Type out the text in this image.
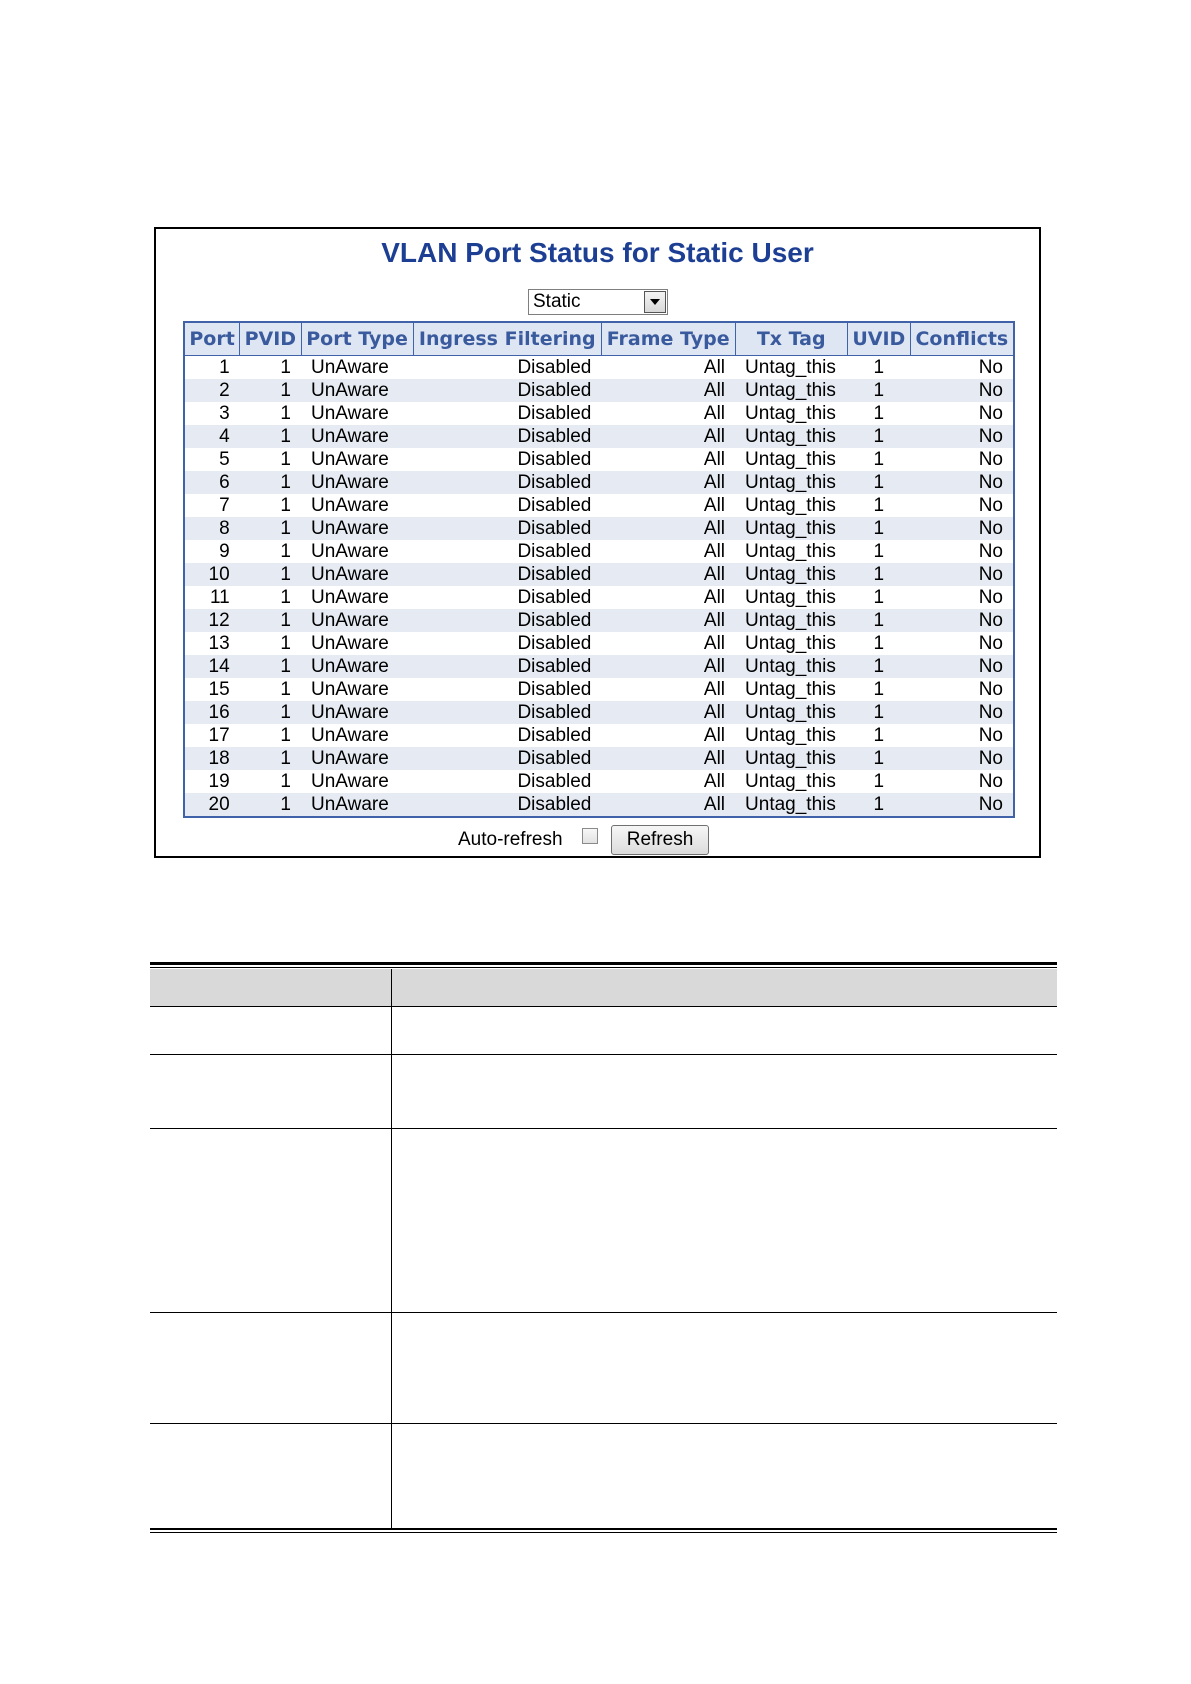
VLAN Port Status for Static User
Static
Port	PVID	Port Type	Ingress Filtering	Frame Type	Tx Tag	UVID	Conflicts
1	1	UnAware	Disabled	All	Untag_this	1	No
2	1	UnAware	Disabled	All	Untag_this	1	No
3	1	UnAware	Disabled	All	Untag_this	1	No
4	1	UnAware	Disabled	All	Untag_this	1	No
5	1	UnAware	Disabled	All	Untag_this	1	No
6	1	UnAware	Disabled	All	Untag_this	1	No
7	1	UnAware	Disabled	All	Untag_this	1	No
8	1	UnAware	Disabled	All	Untag_this	1	No
9	1	UnAware	Disabled	All	Untag_this	1	No
10	1	UnAware	Disabled	All	Untag_this	1	No
11	1	UnAware	Disabled	All	Untag_this	1	No
12	1	UnAware	Disabled	All	Untag_this	1	No
13	1	UnAware	Disabled	All	Untag_this	1	No
14	1	UnAware	Disabled	All	Untag_this	1	No
15	1	UnAware	Disabled	All	Untag_this	1	No
16	1	UnAware	Disabled	All	Untag_this	1	No
17	1	UnAware	Disabled	All	Untag_this	1	No
18	1	UnAware	Disabled	All	Untag_this	1	No
19	1	UnAware	Disabled	All	Untag_this	1	No
20	1	UnAware	Disabled	All	Untag_this	1	No
Auto-refresh	Refresh
